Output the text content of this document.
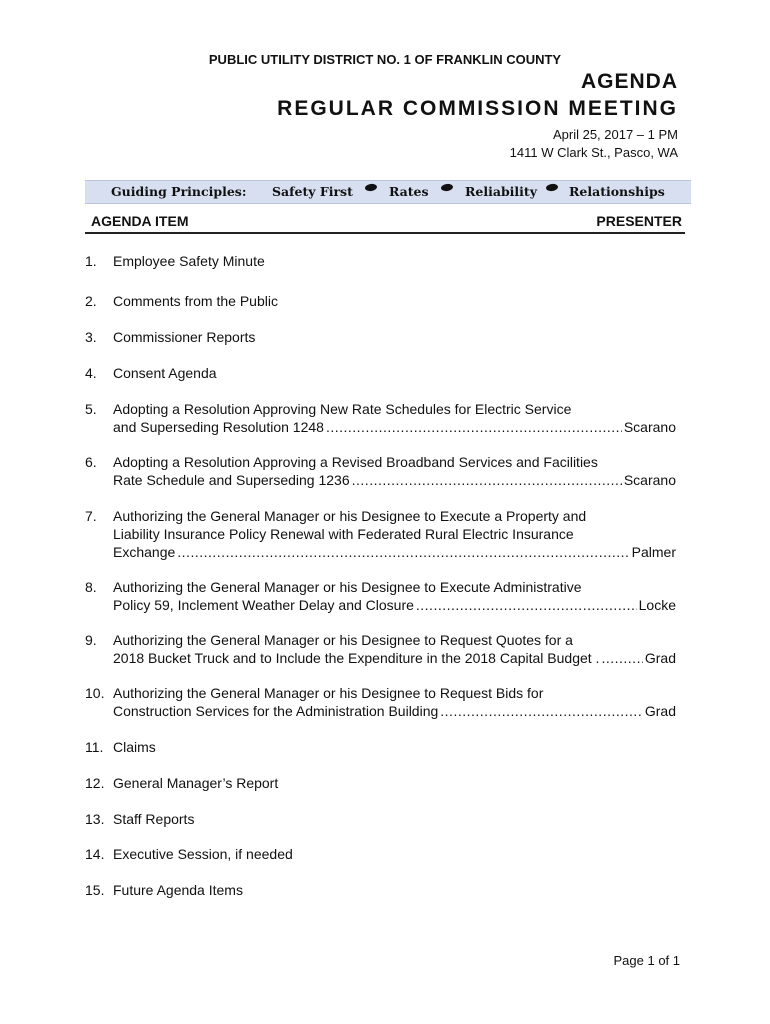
PUBLIC UTILITY DISTRICT NO. 1 OF FRANKLIN COUNTY
AGENDA
REGULAR COMMISSION MEETING
April 25, 2017 – 1 PM
1411 W Clark St., Pasco, WA
Guiding Principles: Safety First	Rates	Reliability	Relationships
AGENDA ITEM	PRESENTER
1.	Employee Safety Minute
2.	Comments from the Public
3.	Commissioner Reports
4.	Consent Agenda
5.	Adopting a Resolution Approving New Rate Schedules for Electric Service
and Superseding Resolution 1248 .....	Scarano
6.	Adopting a Resolution Approving a Revised Broadband Services and Facilities
Rate Schedule and Superseding 1236 .....	Scarano
7.	Authorizing the General Manager or his Designee to Execute a Property and
Liability Insurance Policy Renewal with Federated Rural Electric Insurance
Exchange .....	Palmer
8.	Authorizing the General Manager or his Designee to Execute Administrative
Policy 59, Inclement Weather Delay and Closure .....	Locke
9.	Authorizing the General Manager or his Designee to Request Quotes for a
2018 Bucket Truck and to Include the Expenditure in the 2018 Capital Budget . .....	Grad
10. Authorizing the General Manager or his Designee to Request Bids for
Construction Services for the Administration Building .....	Grad
11. Claims
12. General Manager’s Report
13. Staff Reports
14. Executive Session, if needed
15. Future Agenda Items
Page 1 of 1
